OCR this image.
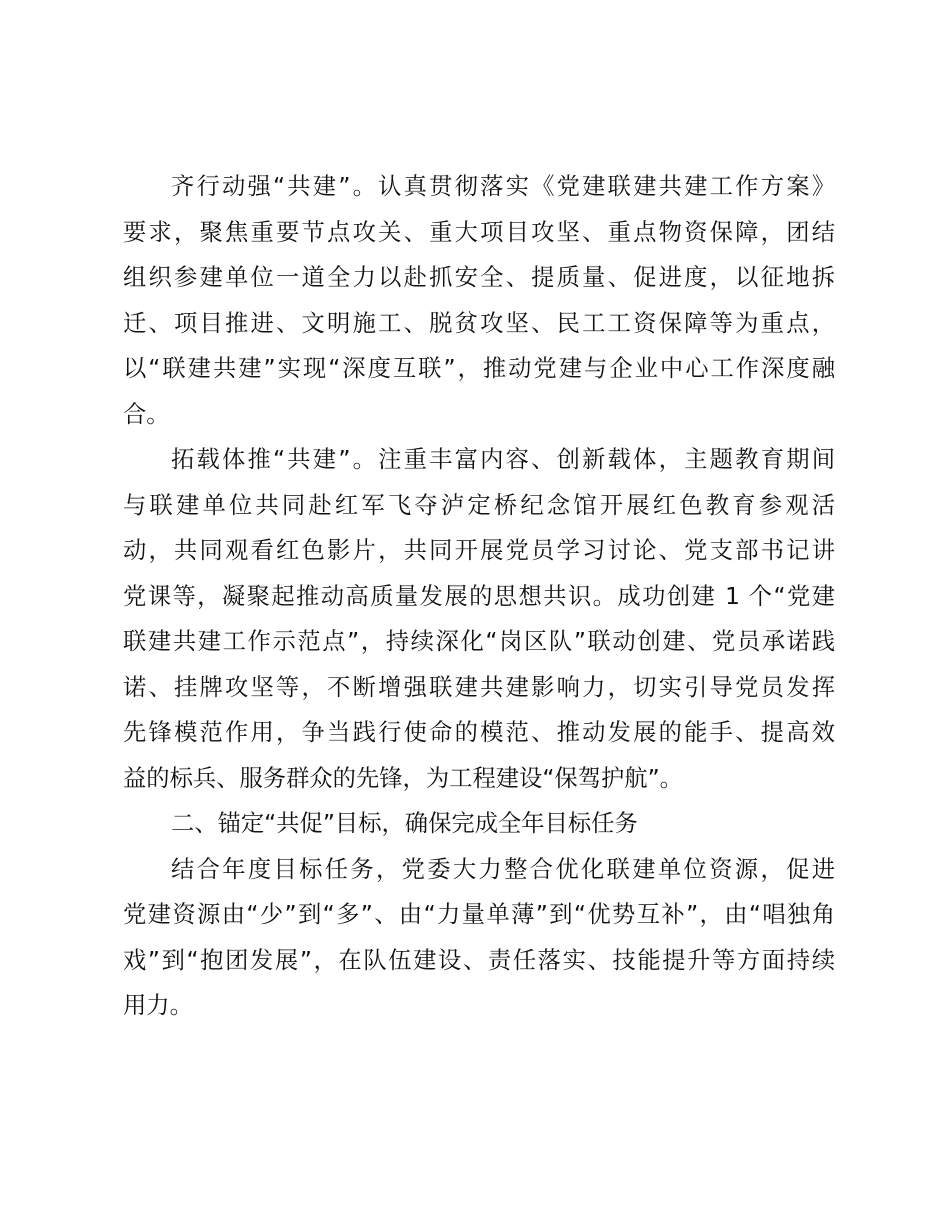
齐行动强“共建”。认真贯彻落实《党建联建共建工作方案》
要求，聚焦重要节点攻关、重大项目攻坚、重点物资保障，团结
组织参建单位一道全力以赴抓安全、提质量、促进度，以征地拆
迁、项目推进、文明施工、脱贫攻坚、民工工资保障等为重点，
以“联建共建”实现“深度互联”，推动党建与企业中心工作深度融
合。
拓载体推“共建”。注重丰富内容、创新载体，主题教育期间
与联建单位共同赴红军飞夺泸定桥纪念馆开展红色教育参观活
动，共同观看红色影片，共同开展党员学习讨论、党支部书记讲
党课等，凝聚起推动高质量发展的思想共识。成功创建 1 个“党建
联建共建工作示范点”，持续深化“岗区队”联动创建、党员承诺践
诺、挂牌攻坚等，不断增强联建共建影响力，切实引导党员发挥
先锋模范作用，争当践行使命的模范、推动发展的能手、提高效
益的标兵、服务群众的先锋，为工程建设“保驾护航”。
二、锚定“共促”目标，确保完成全年目标任务
结合年度目标任务，党委大力整合优化联建单位资源，促进
党建资源由“少”到“多”、由“力量单薄”到“优势互补”，由“唱独角
戏”到“抱团发展”，在队伍建设、责任落实、技能提升等方面持续
用力。
